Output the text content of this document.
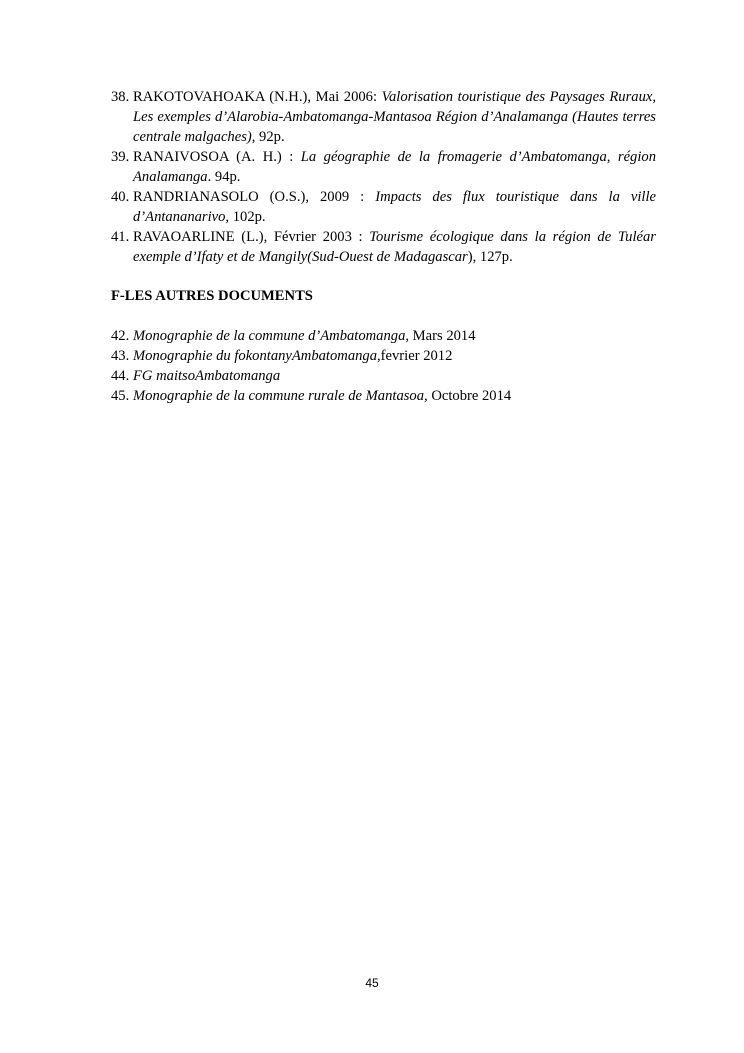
38. RAKOTOVAHOAKA (N.H.), Mai 2006: Valorisation touristique des Paysages Ruraux, Les exemples d’Alarobia-Ambatomanga-Mantasoa Région d’Analamanga (Hautes terres centrale malgaches), 92p.
39. RANAIVOSOA (A. H.) : La géographie de la fromagerie d’Ambatomanga, région Analamanga. 94p.
40. RANDRIANASOLO (O.S.), 2009 : Impacts des flux touristique dans la ville d’Antananarivo, 102p.
41. RAVAOARLINE (L.), Février 2003 : Tourisme écologique dans la région de Tuléar exemple d’Ifaty et de Mangily(Sud-Ouest de Madagascar), 127p.
F-LES AUTRES DOCUMENTS
42. Monographie de la commune d’Ambatomanga, Mars 2014
43. Monographie du fokontanyAmbatomanga,fevrier 2012
44. FG maitsoAmbatomanga
45. Monographie de la commune rurale de Mantasoa, Octobre 2014
45
